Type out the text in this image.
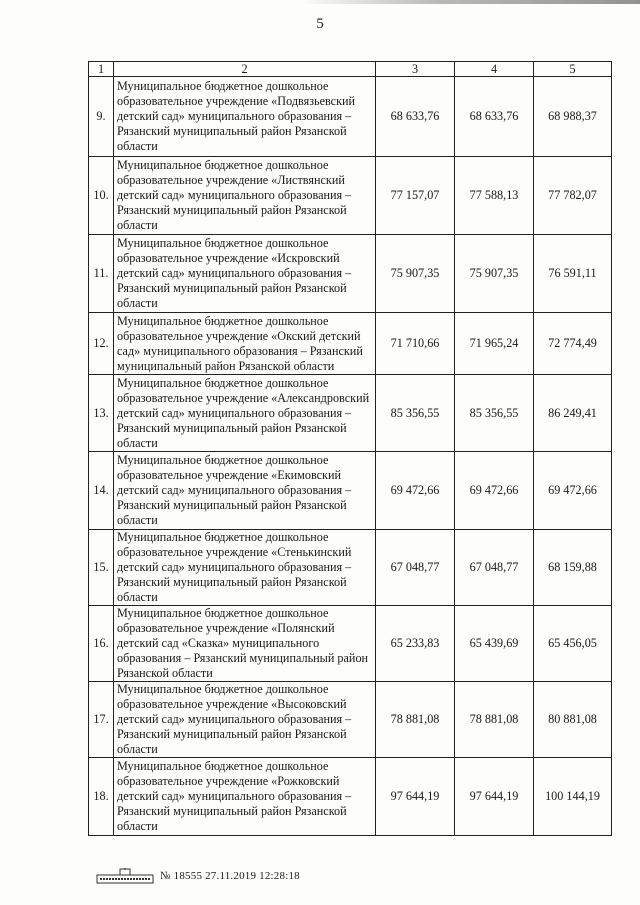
5
1	2	3	4	5
9.	Муниципальное бюджетное дошкольное образовательное учреждение «Подвязьевский детский сад» муниципального образования – Рязанский муниципальный район Рязанской области	68 633,76	68 633,76	68 988,37
10.	Муниципальное бюджетное дошкольное образовательное учреждение «Листвянский детский сад» муниципального образования – Рязанский муниципальный район Рязанской области	77 157,07	77 588,13	77 782,07
11.	Муниципальное бюджетное дошкольное образовательное учреждение «Искровский детский сад» муниципального образования – Рязанский муниципальный район Рязанской области	75 907,35	75 907,35	76 591,11
12.	Муниципальное бюджетное дошкольное образовательное учреждение «Окский детский сад» муниципального образования – Рязанский муниципальный район Рязанской области	71 710,66	71 965,24	72 774,49
13.	Муниципальное бюджетное дошкольное образовательное учреждение «Александровский детский сад» муниципального образования – Рязанский муниципальный район Рязанской области	85 356,55	85 356,55	86 249,41
14.	Муниципальное бюджетное дошкольное образовательное учреждение «Екимовский детский сад» муниципального образования – Рязанский муниципальный район Рязанской области	69 472,66	69 472,66	69 472,66
15.	Муниципальное бюджетное дошкольное образовательное учреждение «Стенькинский детский сад» муниципального образования – Рязанский муниципальный район Рязанской области	67 048,77	67 048,77	68 159,88
16.	Муниципальное бюджетное дошкольное образовательное учреждение «Полянский детский сад «Сказка» муниципального образования – Рязанский муниципальный район Рязанской области	65 233,83	65 439,69	65 456,05
17.	Муниципальное бюджетное дошкольное образовательное учреждение «Высоковский детский сад» муниципального образования – Рязанский муниципальный район Рязанской области	78 881,08	78 881,08	80 881,08
18.	Муниципальное бюджетное дошкольное образовательное учреждение «Рожковский детский сад» муниципального образования – Рязанский муниципальный район Рязанской области	97 644,19	97 644,19	100 144,19
№ 18555 27.11.2019 12:28:18
